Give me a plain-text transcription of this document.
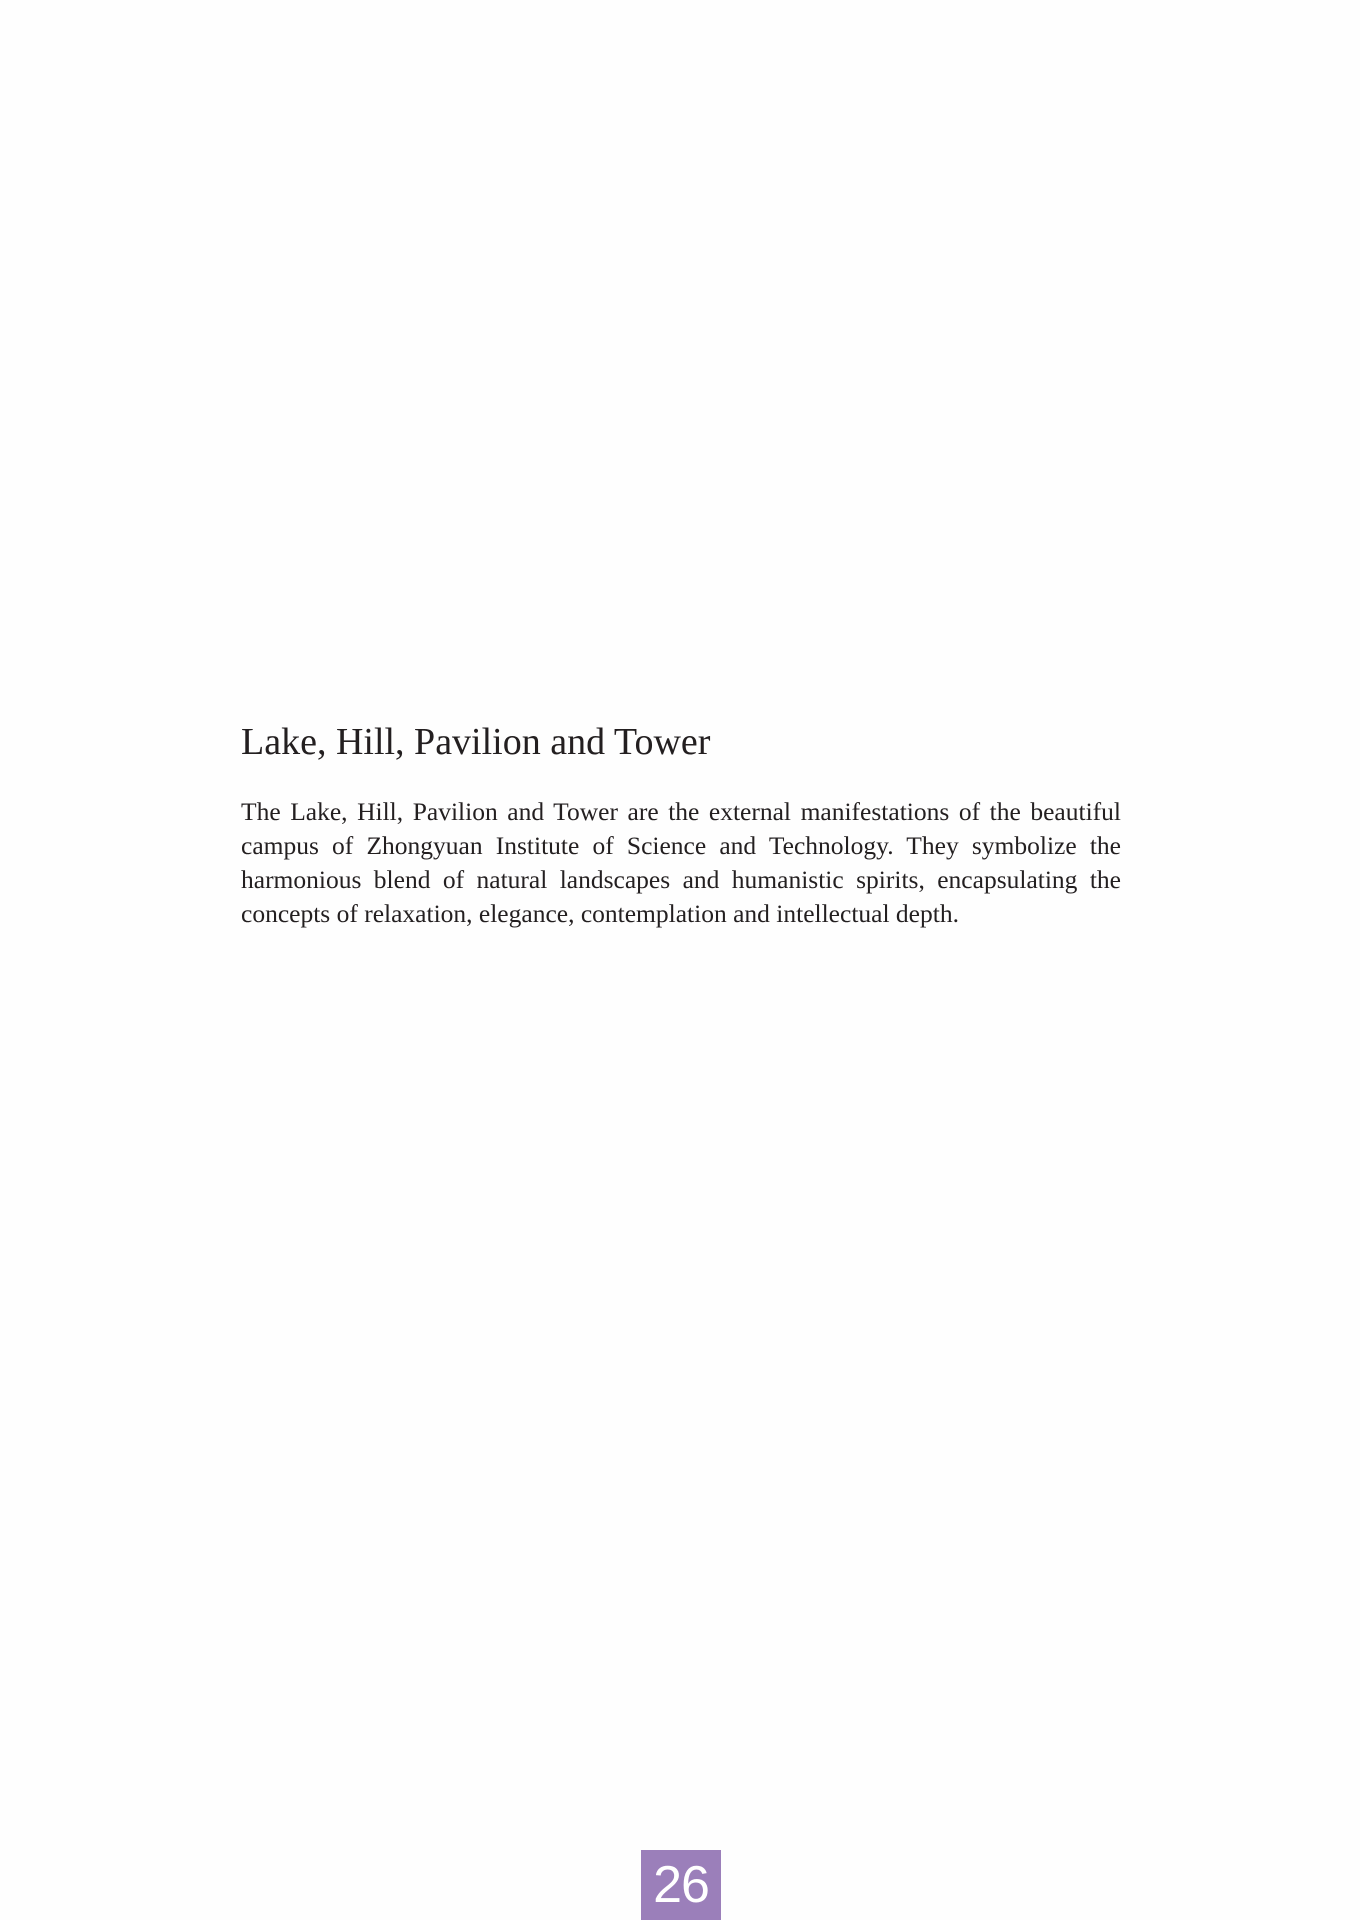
Lake, Hill, Pavilion and Tower

The Lake, Hill, Pavilion and Tower are the external manifestations of the beautiful campus of Zhongyuan Institute of Science and Technology. They symbolize the harmonious blend of natural landscapes and humanistic spirits, encapsulating the concepts of relaxation, elegance, contemplation and intellectual depth.

26
